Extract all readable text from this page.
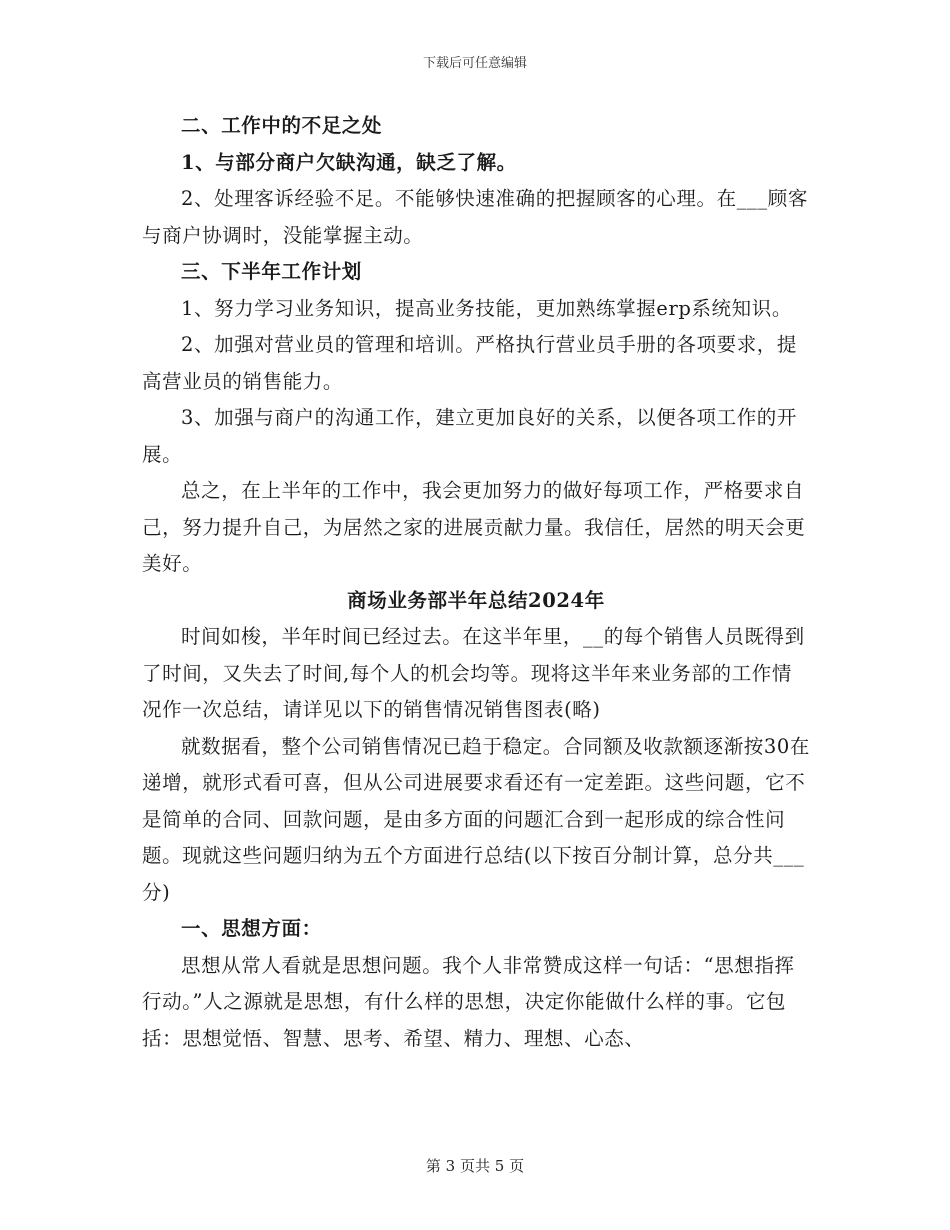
下载后可任意编辑

二、工作中的不足之处

1、与部分商户欠缺沟通，缺乏了解。

2、处理客诉经验不足。不能够快速准确的把握顾客的心理。在___顾客与商户协调时，没能掌握主动。

三、下半年工作计划

1、努力学习业务知识，提高业务技能，更加熟练掌握erp系统知识。

2、加强对营业员的管理和培训。严格执行营业员手册的各项要求，提高营业员的销售能力。

3、加强与商户的沟通工作，建立更加良好的关系，以便各项工作的开展。

总之，在上半年的工作中，我会更加努力的做好每项工作，严格要求自己，努力提升自己，为居然之家的进展贡献力量。我信任，居然的明天会更美好。

商场业务部半年总结2024年

时间如梭，半年时间已经过去。在这半年里，__的每个销售人员既得到了时间，又失去了时间,每个人的机会均等。现将这半年来业务部的工作情况作一次总结，请详见以下的销售情况销售图表(略)

就数据看，整个公司销售情况已趋于稳定。合同额及收款额逐渐按30在递增，就形式看可喜，但从公司进展要求看还有一定差距。这些问题，它不是简单的合同、回款问题，是由多方面的问题汇合到一起形成的综合性问题。现就这些问题归纳为五个方面进行总结(以下按百分制计算，总分共___分)

一、思想方面：

思想从常人看就是思想问题。我个人非常赞成这样一句话：“思想指挥行动。”人之源就是思想，有什么样的思想，决定你能做什么样的事。它包括：思想觉悟、智慧、思考、希望、精力、理想、心态、

第 3 页共 5 页
